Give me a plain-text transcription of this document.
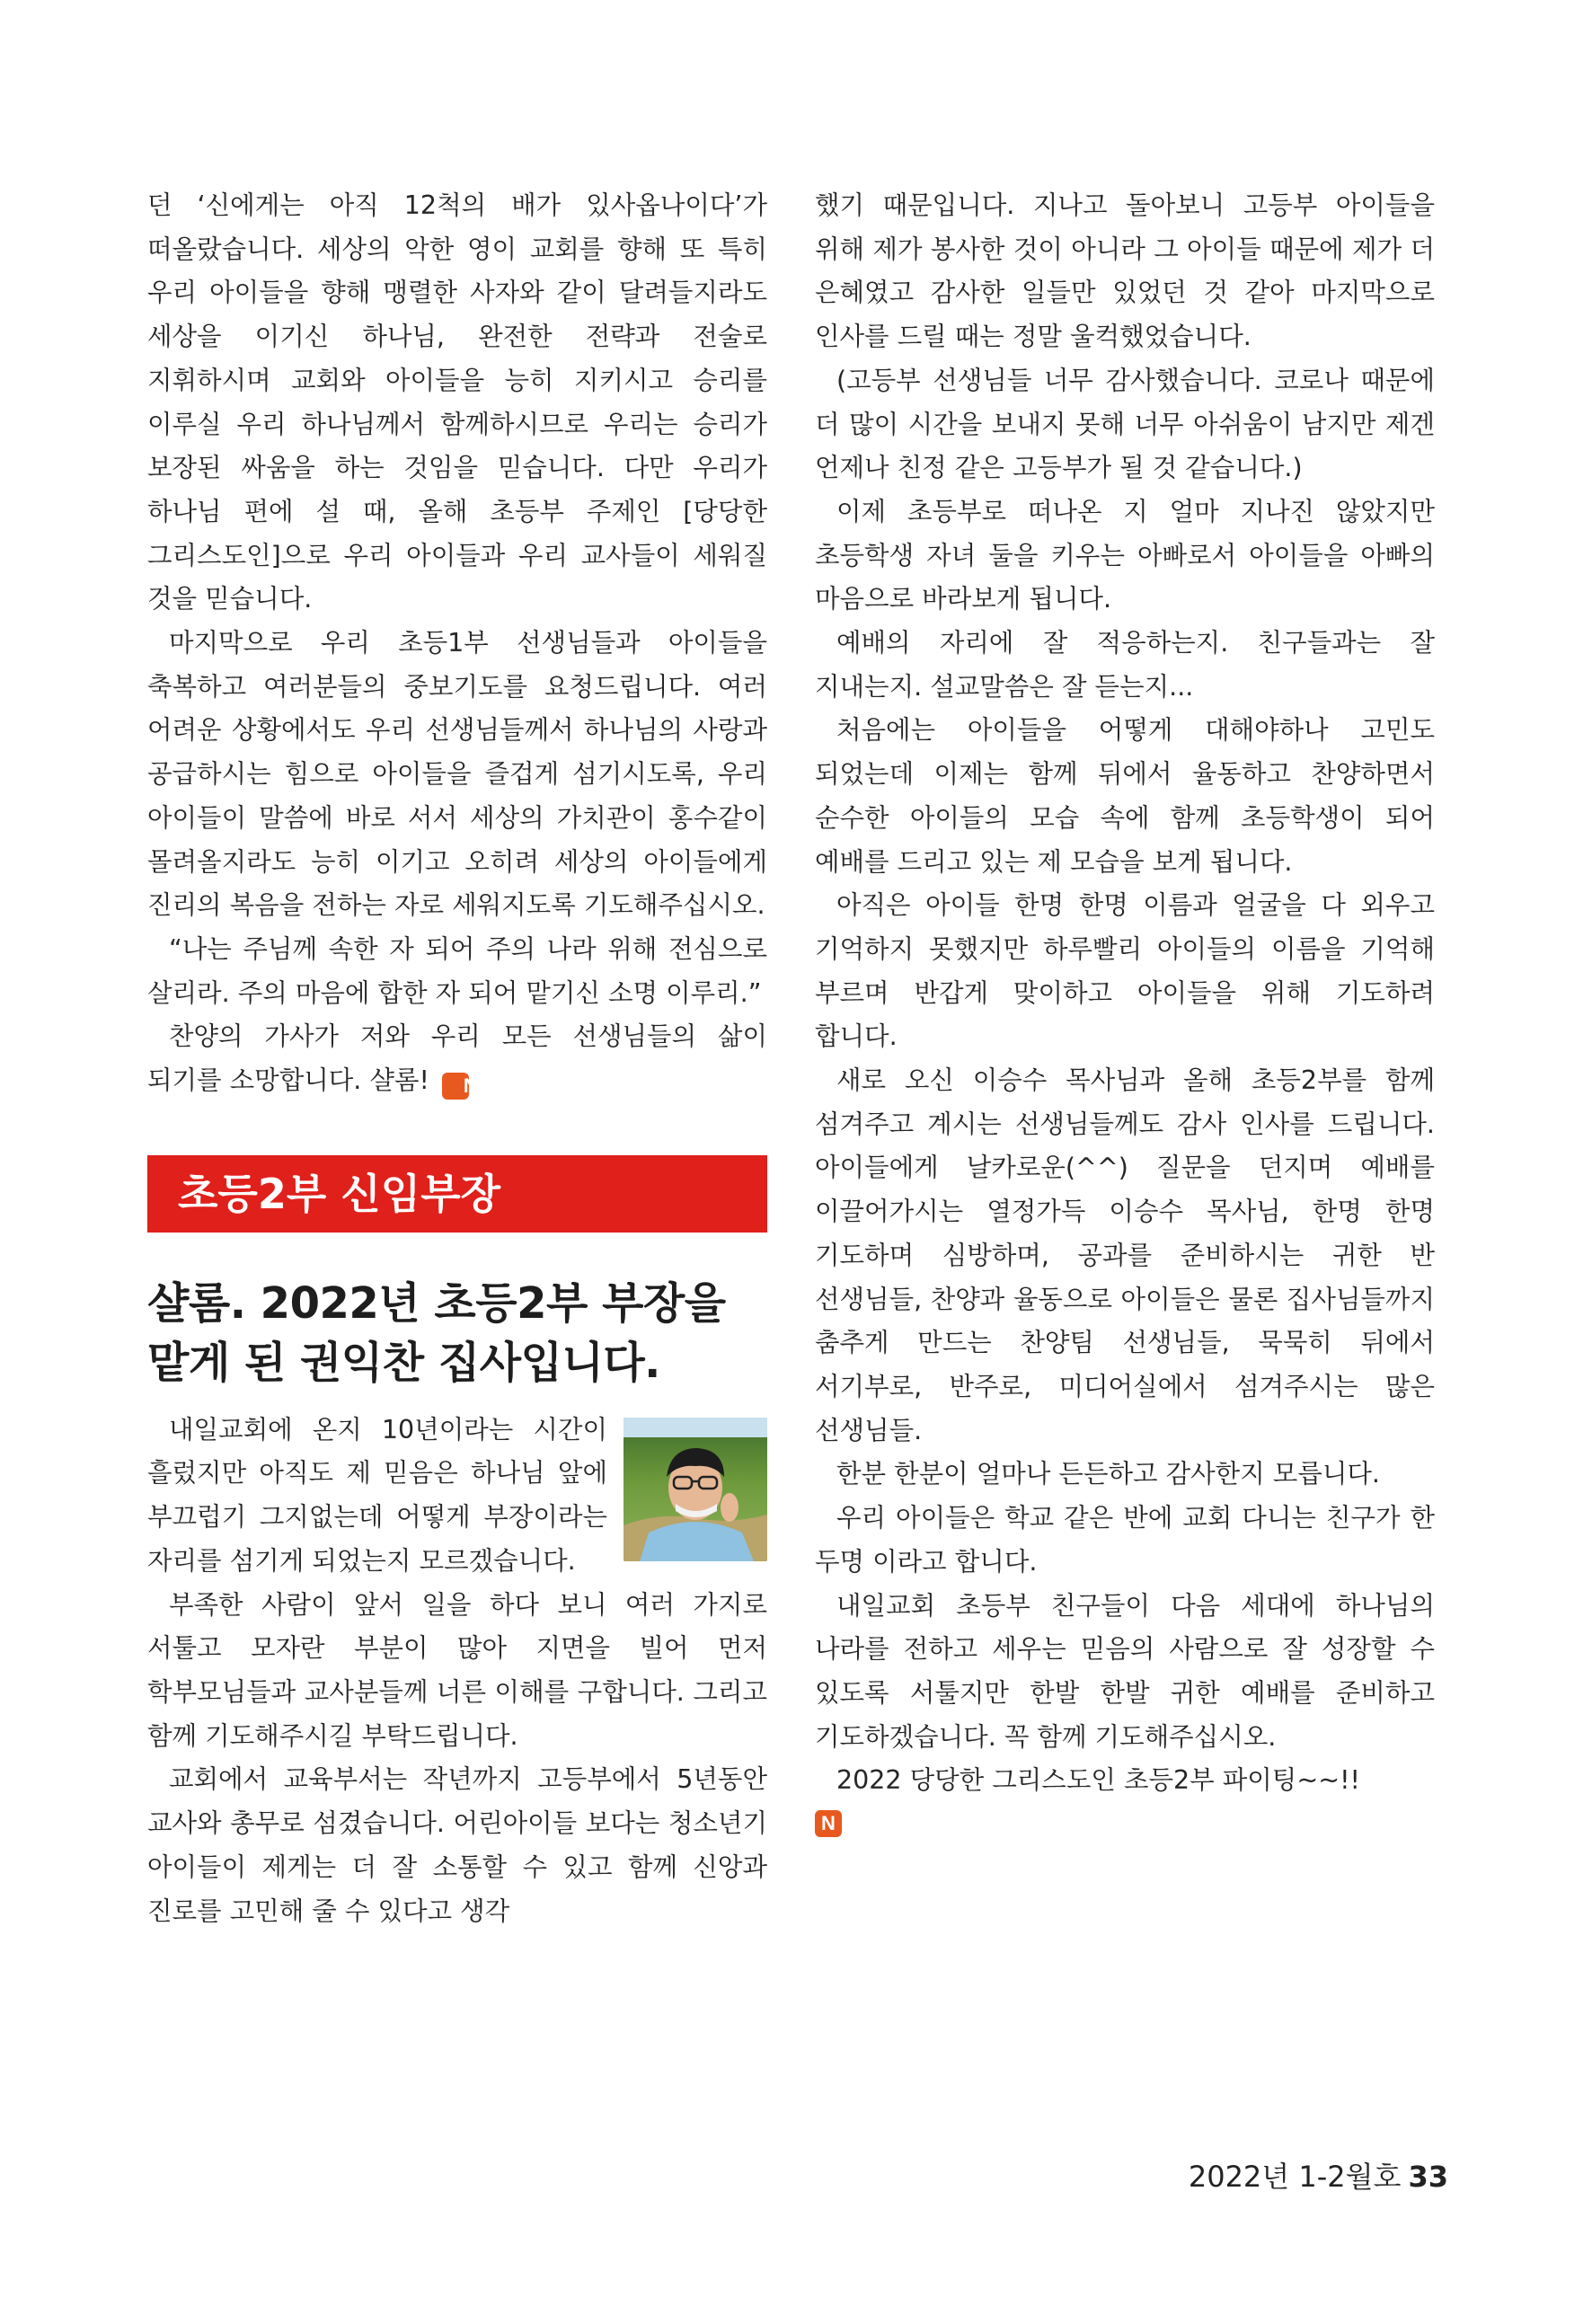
던 ‘신에게는 아직 12척의 배가 있사옵나이다’가 떠올랐습니다. 세상의 악한 영이 교회를 향해 또 특히 우리 아이들을 향해 맹렬한 사자와 같이 달려들지라도 세상을 이기신 하나님, 완전한 전략과 전술로 지휘하시며 교회와 아이들을 능히 지키시고 승리를 이루실 우리 하나님께서 함께하시므로 우리는 승리가 보장된 싸움을 하는 것임을 믿습니다. 다만 우리가 하나님 편에 설 때, 올해 초등부 주제인 [당당한 그리스도인]으로 우리 아이들과 우리 교사들이 세워질 것을 믿습니다.

마지막으로 우리 초등1부 선생님들과 아이들을 축복하고 여러분들의 중보기도를 요청드립니다. 여러 어려운 상황에서도 우리 선생님들께서 하나님의 사랑과 공급하시는 힘으로 아이들을 즐겁게 섬기시도록, 우리 아이들이 말씀에 바로 서서 세상의 가치관이 홍수같이 몰려올지라도 능히 이기고 오히려 세상의 아이들에게 진리의 복음을 전하는 자로 세워지도록 기도해주십시오.

“나는 주님께 속한 자 되어 주의 나라 위해 전심으로 살리라. 주의 마음에 합한 자 되어 맡기신 소명 이루리.”

찬양의 가사가 저와 우리 모든 선생님들의 삶이 되기를 소망합니다. 샬롬! N

초등2부 신임부장
샬롬. 2022년 초등2부 부장을 맡게 된 권익찬 집사입니다.

내일교회에 온지 10년이라는 시간이 흘렀지만 아직도 제 믿음은 하나님 앞에 부끄럽기 그지없는데 어떻게 부장이라는 자리를 섬기게 되었는지 모르겠습니다.

부족한 사람이 앞서 일을 하다 보니 여러 가지로 서툴고 모자란 부분이 많아 지면을 빌어 먼저 학부모님들과 교사분들께 너른 이해를 구합니다. 그리고 함께 기도해주시길 부탁드립니다.

교회에서 교육부서는 작년까지 고등부에서 5년동안 교사와 총무로 섬겼습니다. 어린아이들 보다는 청소년기 아이들이 제게는 더 잘 소통할 수 있고 함께 신앙과 진로를 고민해 줄 수 있다고 생각

했기 때문입니다. 지나고 돌아보니 고등부 아이들을 위해 제가 봉사한 것이 아니라 그 아이들 때문에 제가 더 은혜였고 감사한 일들만 있었던 것 같아 마지막으로 인사를 드릴 때는 정말 울컥했었습니다.

(고등부 선생님들 너무 감사했습니다. 코로나 때문에 더 많이 시간을 보내지 못해 너무 아쉬움이 남지만 제겐 언제나 친정 같은 고등부가 될 것 같습니다.)

이제 초등부로 떠나온 지 얼마 지나진 않았지만 초등학생 자녀 둘을 키우는 아빠로서 아이들을 아빠의 마음으로 바라보게 됩니다.

예배의 자리에 잘 적응하는지. 친구들과는 잘 지내는지. 설교말씀은 잘 듣는지...

처음에는 아이들을 어떻게 대해야하나 고민도 되었는데 이제는 함께 뒤에서 율동하고 찬양하면서 순수한 아이들의 모습 속에 함께 초등학생이 되어 예배를 드리고 있는 제 모습을 보게 됩니다.

아직은 아이들 한명 한명 이름과 얼굴을 다 외우고 기억하지 못했지만 하루빨리 아이들의 이름을 기억해 부르며 반갑게 맞이하고 아이들을 위해 기도하려 합니다.

새로 오신 이승수 목사님과 올해 초등2부를 함께 섬겨주고 계시는 선생님들께도 감사 인사를 드립니다. 아이들에게 날카로운(^^) 질문을 던지며 예배를 이끌어가시는 열정가득 이승수 목사님, 한명 한명 기도하며 심방하며, 공과를 준비하시는 귀한 반 선생님들, 찬양과 율동으로 아이들은 물론 집사님들까지 춤추게 만드는 찬양팀 선생님들, 묵묵히 뒤에서 서기부로, 반주로, 미디어실에서 섬겨주시는 많은 선생님들.

한분 한분이 얼마나 든든하고 감사한지 모릅니다.

우리 아이들은 학교 같은 반에 교회 다니는 친구가 한 두명 이라고 합니다.

내일교회 초등부 친구들이 다음 세대에 하나님의 나라를 전하고 세우는 믿음의 사람으로 잘 성장할 수 있도록 서툴지만 한발 한발 귀한 예배를 준비하고 기도하겠습니다. 꼭 함께 기도해주십시오.

2022 당당한 그리스도인 초등2부 파이팅~~!!

N
2022년 1-2월호 33
